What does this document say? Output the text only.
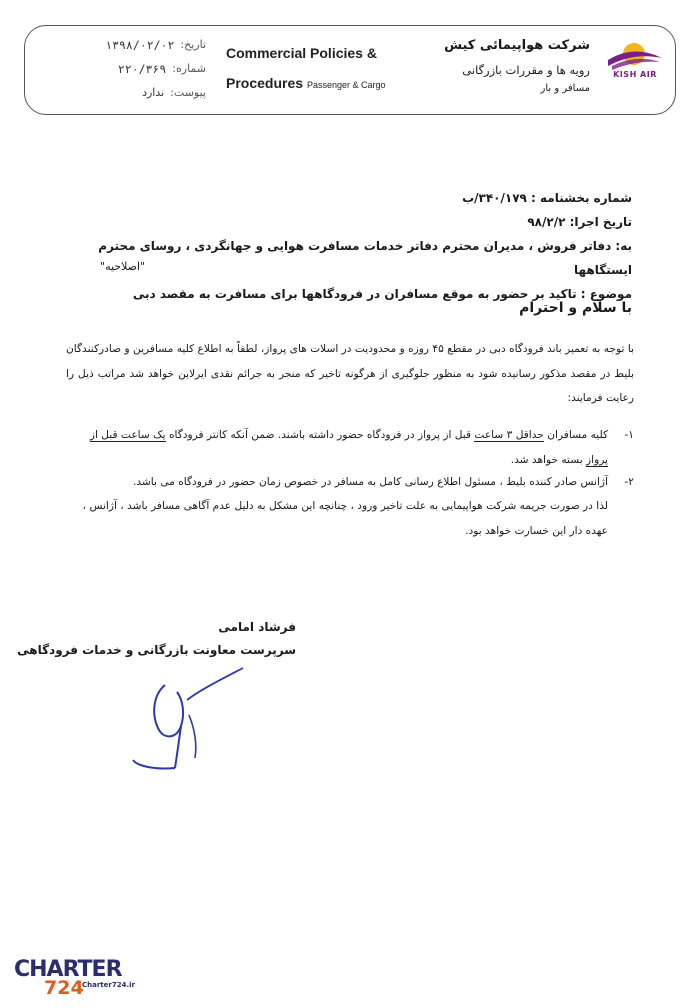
KISH AIR
شرکت هواپیمائی کیش
رویه ها و مقررات بازرگانی
مسافر و بار
Commercial Policies &
Procedures Passenger & Cargo
تاریخ:
۱۳۹۸/۰۲/۰۲
شماره:
۲۲۰/۳۶۹
پیوست:
ندارد
شماره بخشنامه : ۳۴۰/۱۷۹/ب
تاریخ اجرا: ۹۸/۲/۲
به: دفاتر فروش ، مدیران محترم دفاتر خدمات مسافرت هوایی و جهانگردی ، روسای محترم ایستگاهها
موضوع : تاکید بر حضور به موقع مسافران در فرودگاهها برای مسافرت به مقصد دبی
"اصلاحیه"
با سلام و احترام
با توجه به تعمیر باند فرودگاه دبی در مقطع ۴۵ روزه و محدودیت در اسلات های پرواز، لطفاً به اطلاع کلیه مسافرین و صادرکنندگان بلیط در مقصد مذکور رسانیده شود به منظور جلوگیری از هرگونه تاخیر که منجر به جرائم نقدی ایرلاین خواهد شد مراتب ذیل را رعایت فرمایند:
۱-
کلیه مسافران حداقل ۳ ساعت قبل از پرواز در فرودگاه حضور داشته باشند. ضمن آنکه کانتر فرودگاه یک ساعت قبل از پرواز بسته خواهد شد.
۲-
آژانس صادر کننده بلیط ، مسئول اطلاع رسانی کامل به مسافر در خصوص زمان حضور در فرودگاه می باشد.
لذا در صورت جریمه شرکت هواپیمایی به علت تاخیر ورود ، چنانچه این مشکل به دلیل عدم آگاهی مسافر باشد ، آژانس ، عهده دار این خسارت خواهد بود.
فرشاد امامی
سرپرست معاونت بازرگانی و خدمات فرودگاهی
CHARTER
724
Charter724.ir
